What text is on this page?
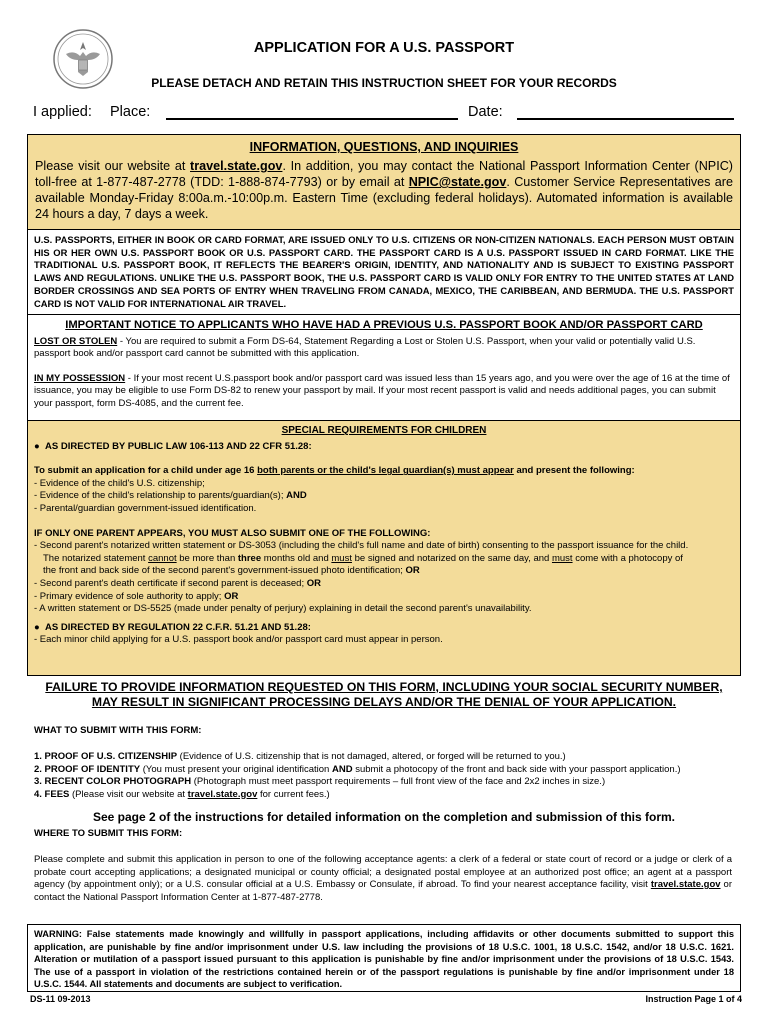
APPLICATION FOR A U.S. PASSPORT
PLEASE DETACH AND RETAIN THIS INSTRUCTION SHEET FOR YOUR RECORDS
I applied: Place:	Date:
INFORMATION, QUESTIONS, AND INQUIRIES
Please visit our website at travel.state.gov. In addition, you may contact the National Passport Information Center (NPIC) toll-free at 1-877-487-2778 (TDD: 1-888-874-7793) or by email at NPIC@state.gov. Customer Service Representatives are available Monday-Friday 8:00a.m.-10:00p.m. Eastern Time (excluding federal holidays). Automated information is available 24 hours a day, 7 days a week.
U.S. PASSPORTS, EITHER IN BOOK OR CARD FORMAT, ARE ISSUED ONLY TO U.S. CITIZENS OR NON-CITIZEN NATIONALS. EACH PERSON MUST OBTAIN HIS OR HER OWN U.S. PASSPORT BOOK OR U.S. PASSPORT CARD. THE PASSPORT CARD IS A U.S. PASSPORT ISSUED IN CARD FORMAT. LIKE THE TRADITIONAL U.S. PASSPORT BOOK, IT REFLECTS THE BEARER'S ORIGIN, IDENTITY, AND NATIONALITY AND IS SUBJECT TO EXISTING PASSPORT LAWS AND REGULATIONS. UNLIKE THE U.S. PASSPORT BOOK, THE U.S. PASSPORT CARD IS VALID ONLY FOR ENTRY TO THE UNITED STATES AT LAND BORDER CROSSINGS AND SEA PORTS OF ENTRY WHEN TRAVELING FROM CANADA, MEXICO, THE CARIBBEAN, AND BERMUDA. THE U.S. PASSPORT CARD IS NOT VALID FOR INTERNATIONAL AIR TRAVEL.
IMPORTANT NOTICE TO APPLICANTS WHO HAVE HAD A PREVIOUS U.S. PASSPORT BOOK AND/OR PASSPORT CARD
LOST OR STOLEN - You are required to submit a Form DS-64, Statement Regarding a Lost or Stolen U.S. Passport, when your valid or potentially valid U.S. passport book and/or passport card cannot be submitted with this application.
IN MY POSSESSION - If your most recent U.S.passport book and/or passport card was issued less than 15 years ago, and you were over the age of 16 at the time of issuance, you may be eligible to use Form DS-82 to renew your passport by mail. If your most recent passport is valid and needs additional pages, you can submit your passport, form DS-4085, and the current fee.
SPECIAL REQUIREMENTS FOR CHILDREN
●  AS DIRECTED BY PUBLIC LAW 106-113 AND 22 CFR 51.28:
To submit an application for a child under age 16 both parents or the child's legal guardian(s) must appear and present the following:
- Evidence of the child's U.S. citizenship;
- Evidence of the child's relationship to parents/guardian(s); AND
- Parental/guardian government-issued identification.
IF ONLY ONE PARENT APPEARS, YOU MUST ALSO SUBMIT ONE OF THE FOLLOWING:
- Second parent's notarized written statement or DS-3053 (including the child's full name and date of birth) consenting to the passport issuance for the child.
The notarized statement cannot be more than three months old and must be signed and notarized on the same day, and must come with a photocopy of
the front and back side of the second parent's government-issued photo identification; OR
- Second parent's death certificate if second parent is deceased; OR
- Primary evidence of sole authority to apply; OR
- A written statement or DS-5525 (made under penalty of perjury) explaining in detail the second parent's unavailability.
●  AS DIRECTED BY REGULATION 22 C.F.R. 51.21 AND 51.28:
- Each minor child applying for a U.S. passport book and/or passport card must appear in person.
FAILURE TO PROVIDE INFORMATION REQUESTED ON THIS FORM, INCLUDING YOUR SOCIAL SECURITY NUMBER,
MAY RESULT IN SIGNIFICANT PROCESSING DELAYS AND/OR THE DENIAL OF YOUR APPLICATION.
WHAT TO SUBMIT WITH THIS FORM:
1. PROOF OF U.S. CITIZENSHIP (Evidence of U.S. citizenship that is not damaged, altered, or forged will be returned to you.)
2. PROOF OF IDENTITY (You must present your original identification AND submit a photocopy of the front and back side with your passport application.)
3. RECENT COLOR PHOTOGRAPH (Photograph must meet passport requirements – full front view of the face and 2x2 inches in size.)
4. FEES (Please visit our website at travel.state.gov for current fees.)
See page 2 of the instructions for detailed information on the completion and submission of this form.
WHERE TO SUBMIT THIS FORM:
Please complete and submit this application in person to one of the following acceptance agents: a clerk of a federal or state court of record or a judge or clerk of a probate court accepting applications; a designated municipal or county official; a designated postal employee at an authorized post office; an agent at a passport agency (by appointment only); or a U.S. consular official at a U.S. Embassy or Consulate, if abroad. To find your nearest acceptance facility, visit travel.state.gov or contact the National Passport Information Center at 1-877-487-2778.
WARNING: False statements made knowingly and willfully in passport applications, including affidavits or other documents submitted to support this application, are punishable by fine and/or imprisonment under U.S. law including the provisions of 18 U.S.C. 1001, 18 U.S.C. 1542, and/or 18 U.S.C. 1621. Alteration or mutilation of a passport issued pursuant to this application is punishable by fine and/or imprisonment under the provisions of 18 U.S.C. 1543. The use of a passport in violation of the restrictions contained herein or of the passport regulations is punishable by fine and/or imprisonment under 18 U.S.C. 1544. All statements and documents are subject to verification.
DS-11 09-2013	Instruction Page 1 of 4
